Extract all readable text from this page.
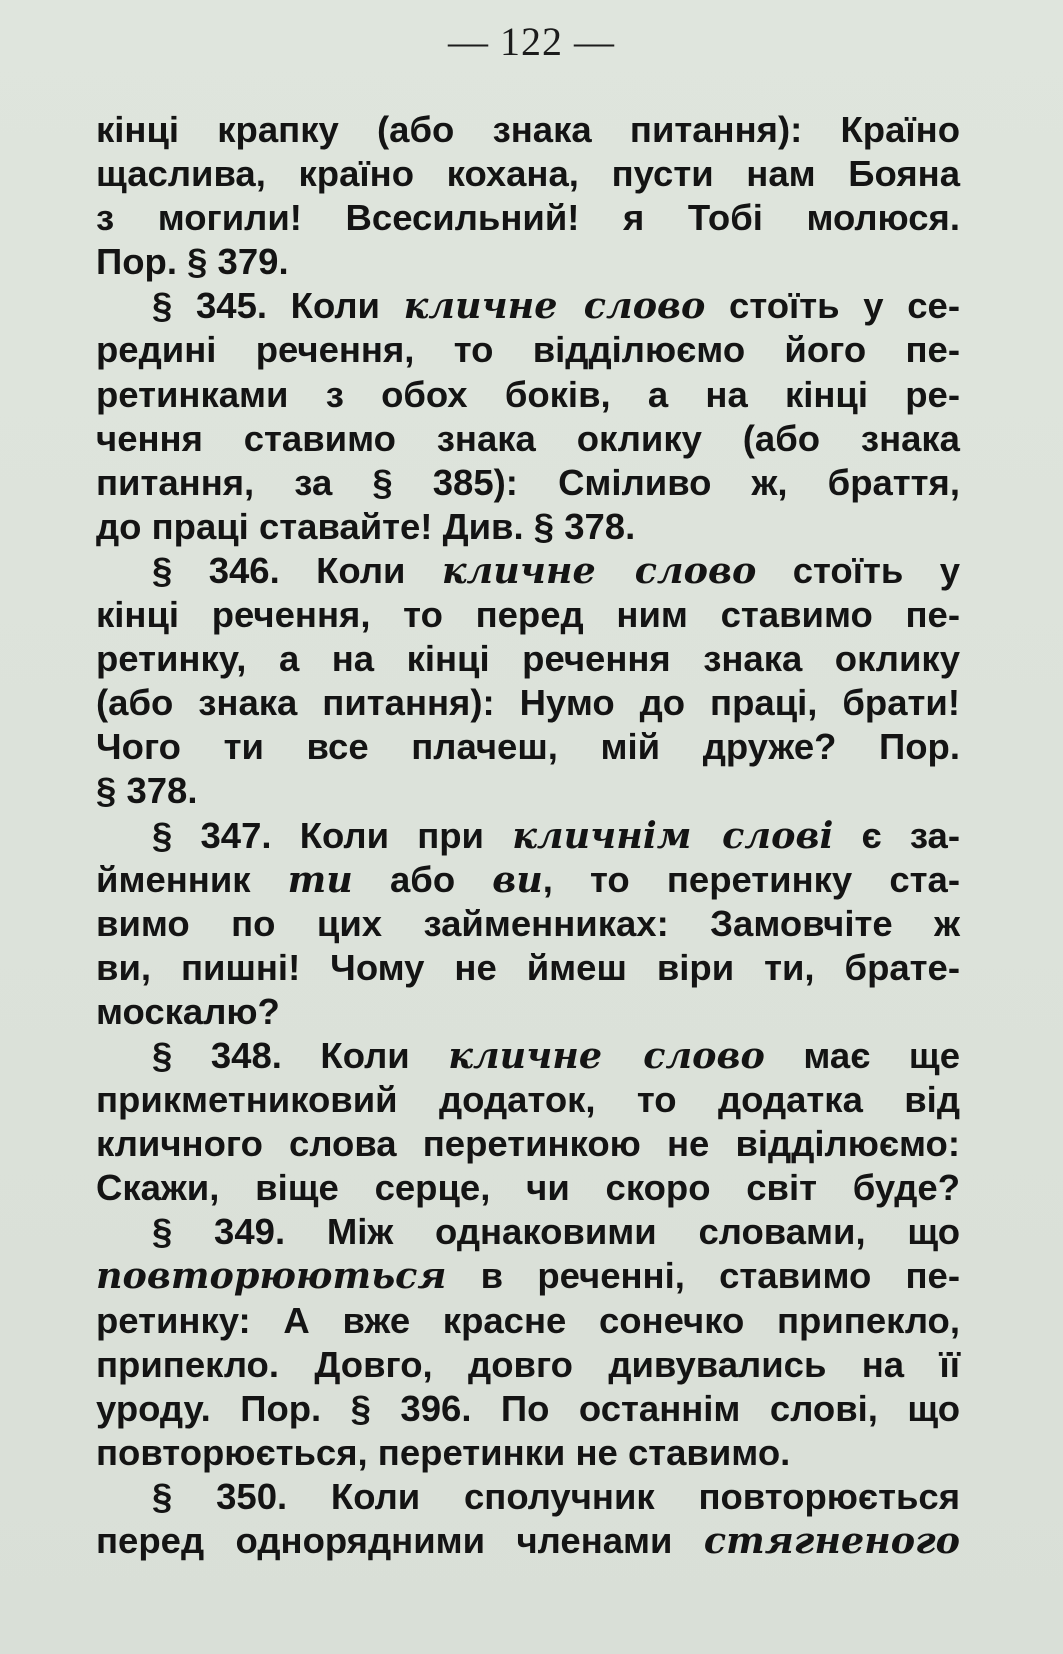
— 122 —
кінці крапку (або знака питання): Країно
щаслива, країно кохана, пусти нам Бояна
з могили! Всесильний! я Тобі молюся.
Пор. § 379.
§ 345. Коли кличне слово стоїть у се-
редині речення, то відділюємо його пе-
ретинками з обох боків, а на кінці ре-
чення ставимо знака оклику (або знака
питання, за § 385): Сміливо ж, браття,
до праці ставайте! Див. § 378.
§ 346. Коли кличне слово стоїть у
кінці речення, то перед ним ставимо пе-
ретинку, а на кінці речення знака оклику
(або знака питання): Нумо до праці, брати!
Чого ти все плачеш, мій друже? Пор.
§ 378.
§ 347. Коли при кличнім слові є за-
йменник ти або ви, то перетинку ста-
вимо по цих займенниках: Замовчіте ж
ви, пишні! Чому не ймеш віри ти, брате-
москалю?
§ 348. Коли кличне слово має ще
прикметниковий додаток, то додатка від
кличного слова перетинкою не відділюємо:
Скажи, віще серце, чи скоро світ буде?
§ 349. Між однаковими словами, що
повторюються в реченні, ставимо пе-
ретинку: А вже красне сонечко припекло,
припекло. Довго, довго дивувались на її
уроду. Пор. § 396. По останнім слові, що
повторюється, перетинки не ставимо.
§ 350. Коли сполучник повторюється
перед однорядними членами стягненого
